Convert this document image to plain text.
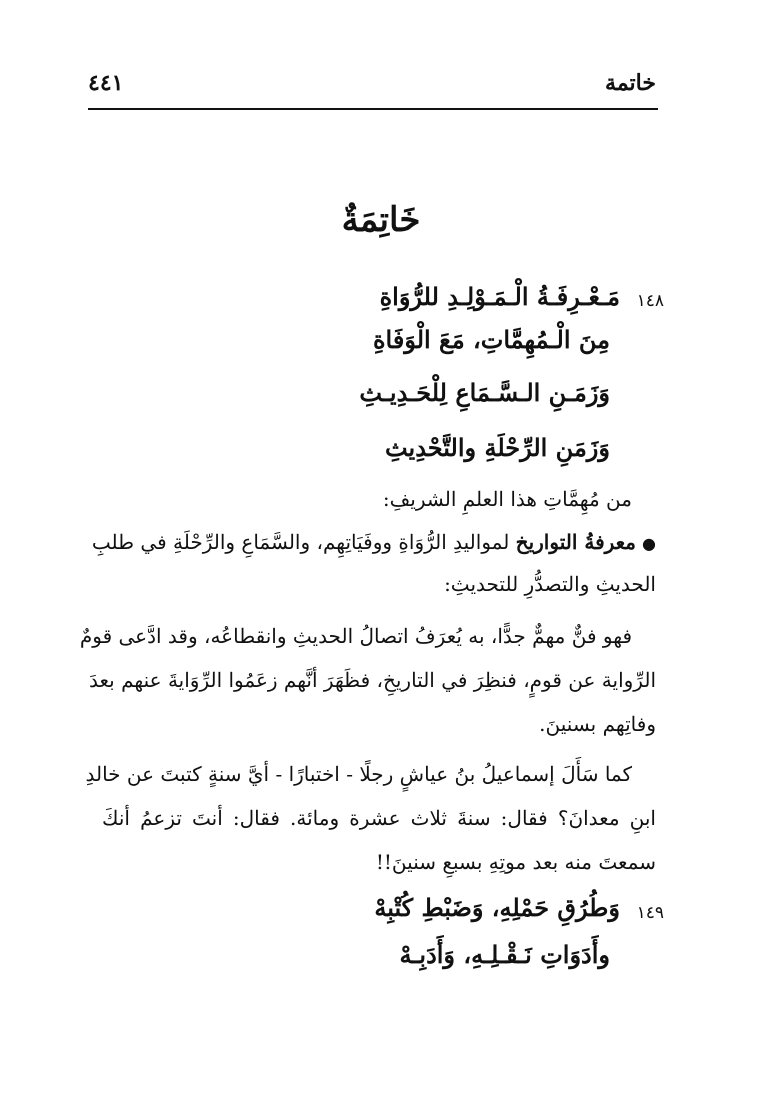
خاتمة
٤٤١
خَاتِمَةٌ
١٤٨
مَـعْـرِفَـةُ الْـمَـوْلِـدِ للرُّوَاةِ
مِنَ الْـمُهِمَّاتِ، مَعَ الْوَفَاةِ
وَزَمَـنِ الـسَّـمَاعِ لِلْحَـدِيـثِ
وَزَمَنِ الرِّحْلَةِ والتَّحْدِيثِ
من مُهِمَّاتِ هذا العلمِ الشريفِ:
●معرفةُ التواريخ لمواليدِ الرُّوَاةِ ووفَيَاتِهِم، والسَّمَاعِ والرِّحْلَةِ في طلبِ
الحديثِ والتصدُّرِ للتحديثِ:
فهو فنٌّ مهمٌّ جدًّا، به يُعرَفُ اتصالُ الحديثِ وانقطاعُه، وقد ادَّعى قومٌ
الرِّواية عن قومٍ، فنظِرَ في التاريخِ، فظَهَرَ أنَّهم زعَمُوا الرِّوَايةَ عنهم بعدَ
وفاتِهم بسنينَ.
كما سَأَلَ إسماعيلُ بنُ عياشٍ رجلًا - اختبارًا - أيَّ سنةٍ كتبتَ عن خالدِ
ابنِ معدانَ؟ فقال: سنةَ ثلاث عشرة ومائة. فقال: أنتَ تزعمُ أنكَ
سمعتَ منه بعد موتِهِ بسبعِ سنينَ!!
١٤٩
وَطُرُقِ حَمْلِهِ، وَضَبْطِ كُتْبِهْ
وأَدَوَاتِ نَـقْـلِـهِ، وَأَدَبِـهْ
